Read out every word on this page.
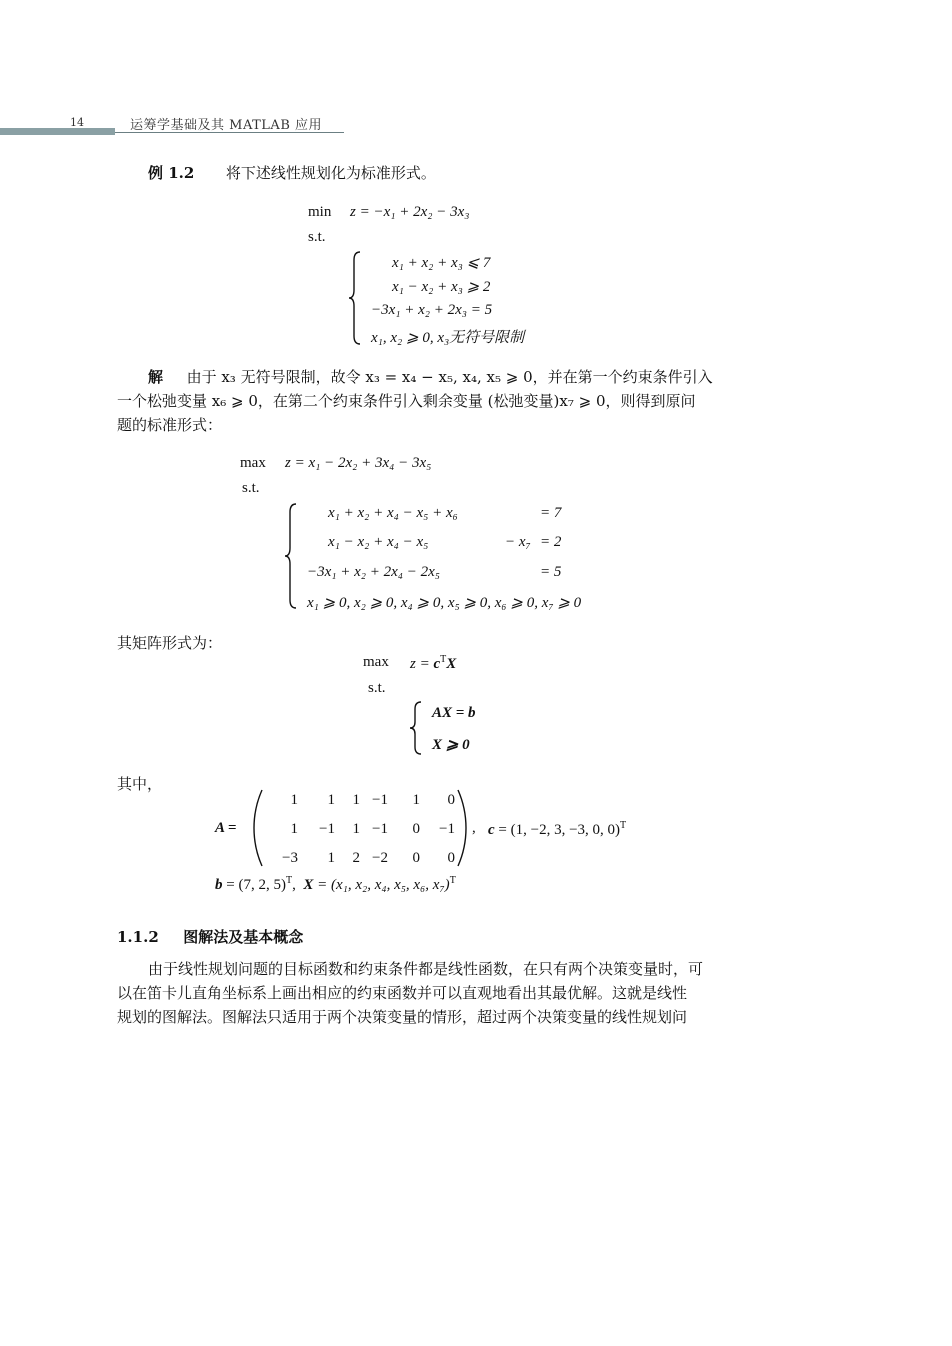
14	运筹学基础及其 MATLAB 应用
例 1.2 将下述线性规划化为标准形式。
min z = −x₁ + 2x₂ − 3x₃
s.t.
x₁ + x₂ + x₃ ⩽ 7
x₁ − x₂ + x₃ ⩾ 2
−3x₁ + x₂ + 2x₃ = 5
x₁, x₂ ⩾ 0, x₃无符号限制
解 由于 x₃ 无符号限制，故令 x₃ = x₄ − x₅, x₄, x₅ ⩾ 0，并在第一个约束条件引入
一个松弛变量 x₆ ⩾ 0，在第二个约束条件引入剩余变量 (松弛变量)x₇ ⩾ 0，则得到原问
题的标准形式：
max z = x₁ − 2x₂ + 3x₄ − 3x₅
s.t.
x₁ + x₂ + x₄ − x₅ + x₆	= 7
x₁ − x₂ + x₄ − x₅	− x₇ = 2
−3x₁ + x₂ + 2x₄ − 2x₅	= 5
x₁ ⩾ 0, x₂ ⩾ 0, x₄ ⩾ 0, x₅ ⩾ 0, x₆ ⩾ 0, x₇ ⩾ 0
其矩阵形式为：
$\max z = c^TX$
s.t.
AX = b
X ⩾ 0
其中，
A =
1	1	1 −1	1	0
1	−1	1 −1	0	−1
−3	1	2 −2	0	0
, c = (1, −2, 3, −3, 0, 0)$^T$
b = (7, 2, 5)$^T$,  X = (x₁, x₂, x₄, x₅, x₆, x₇)$^T$
1.1.2 图解法及基本概念
由于线性规划问题的目标函数和约束条件都是线性函数，在只有两个决策变量时，可
以在笛卡儿直角坐标系上画出相应的约束函数并可以直观地看出其最优解。这就是线性
规划的图解法。图解法只适用于两个决策变量的情形，超过两个决策变量的线性规划问
